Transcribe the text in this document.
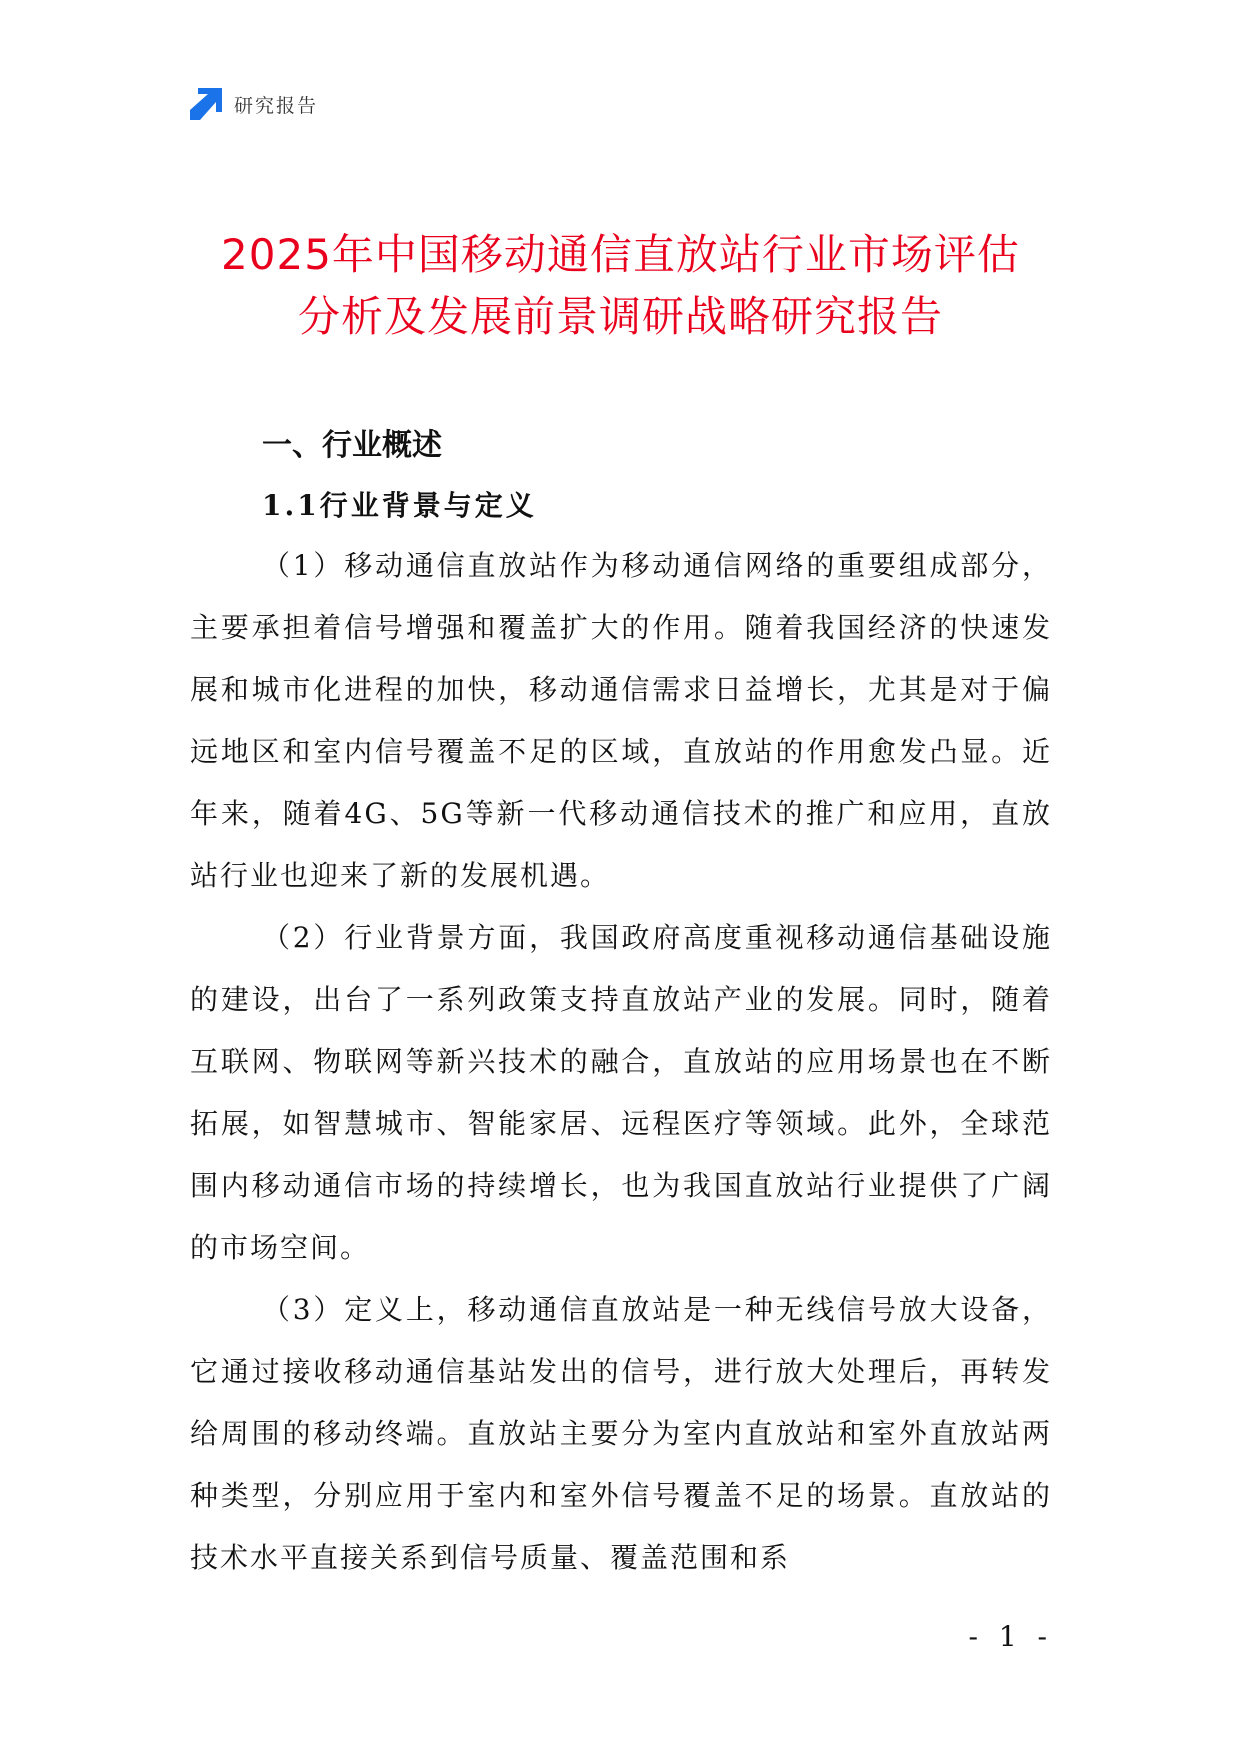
研究报告
2025年中国移动通信直放站行业市场评估
分析及发展前景调研战略研究报告
一、行业概述
1.1行业背景与定义

（1）移动通信直放站作为移动通信网络的重要组成部分，主要承担着信号增强和覆盖扩大的作用。随着我国经济的快速发展和城市化进程的加快，移动通信需求日益增长，尤其是对于偏远地区和室内信号覆盖不足的区域，直放站的作用愈发凸显。近年来，随着4G、5G等新一代移动通信技术的推广和应用，直放站行业也迎来了新的发展机遇。

（2）行业背景方面，我国政府高度重视移动通信基础设施的建设，出台了一系列政策支持直放站产业的发展。同时，随着互联网、物联网等新兴技术的融合，直放站的应用场景也在不断拓展，如智慧城市、智能家居、远程医疗等领域。此外，全球范围内移动通信市场的持续增长，也为我国直放站行业提供了广阔的市场空间。

（3）定义上，移动通信直放站是一种无线信号放大设备，它通过接收移动通信基站发出的信号，进行放大处理后，再转发给周围的移动终端。直放站主要分为室内直放站和室外直放站两种类型，分别应用于室内和室外信号覆盖不足的场景。直放站的技术水平直接关系到信号质量、覆盖范围和系

- 1 -
